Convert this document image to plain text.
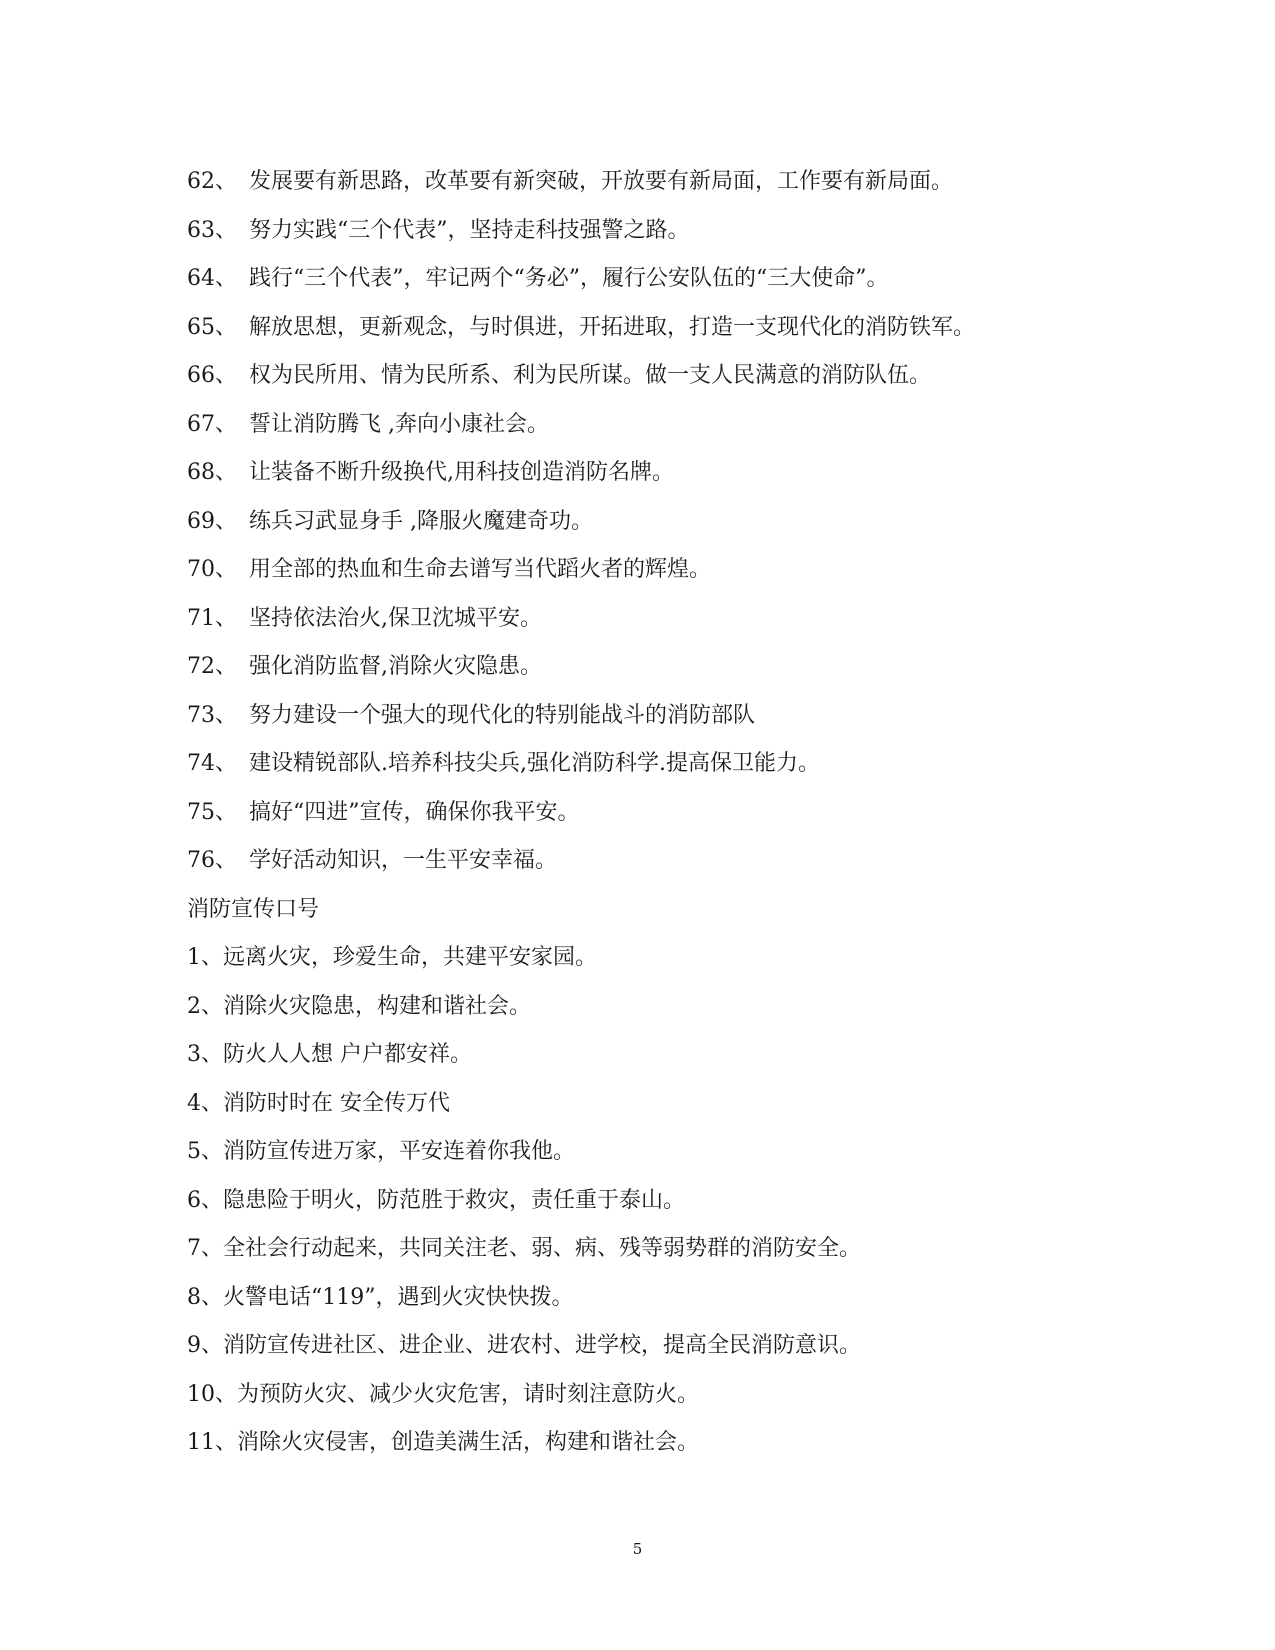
62、 发展要有新思路，改革要有新突破，开放要有新局面，工作要有新局面。
63、 努力实践“三个代表”，坚持走科技强警之路。
64、 践行“三个代表”，牢记两个“务必”，履行公安队伍的“三大使命”。
65、 解放思想，更新观念，与时俱进，开拓进取，打造一支现代化的消防铁军。
66、 权为民所用、情为民所系、利为民所谋。做一支人民满意的消防队伍。
67、 誓让消防腾飞 ,奔向小康社会。
68、 让装备不断升级换代,用科技创造消防名牌。
69、 练兵习武显身手 ,降服火魔建奇功。
70、 用全部的热血和生命去谱写当代蹈火者的辉煌。
71、 坚持依法治火,保卫沈城平安。
72、 强化消防监督,消除火灾隐患。
73、 努力建设一个强大的现代化的特别能战斗的消防部队
74、 建设精锐部队.培养科技尖兵,强化消防科学.提高保卫能力。
75、 搞好“四进”宣传，确保你我平安。
76、 学好活动知识，一生平安幸福。
消防宣传口号
1、远离火灾，珍爱生命，共建平安家园。
2、消除火灾隐患，构建和谐社会。
3、防火人人想 户户都安祥。
4、消防时时在 安全传万代
5、消防宣传进万家，平安连着你我他。
6、隐患险于明火，防范胜于救灾，责任重于泰山。
7、全社会行动起来，共同关注老、弱、病、残等弱势群的消防安全。
8、火警电话“119”，遇到火灾快快拨。
9、消防宣传进社区、进企业、进农村、进学校，提高全民消防意识。
10、为预防火灾、减少火灾危害，请时刻注意防火。
11、消除火灾侵害，创造美满生活，构建和谐社会。
5
